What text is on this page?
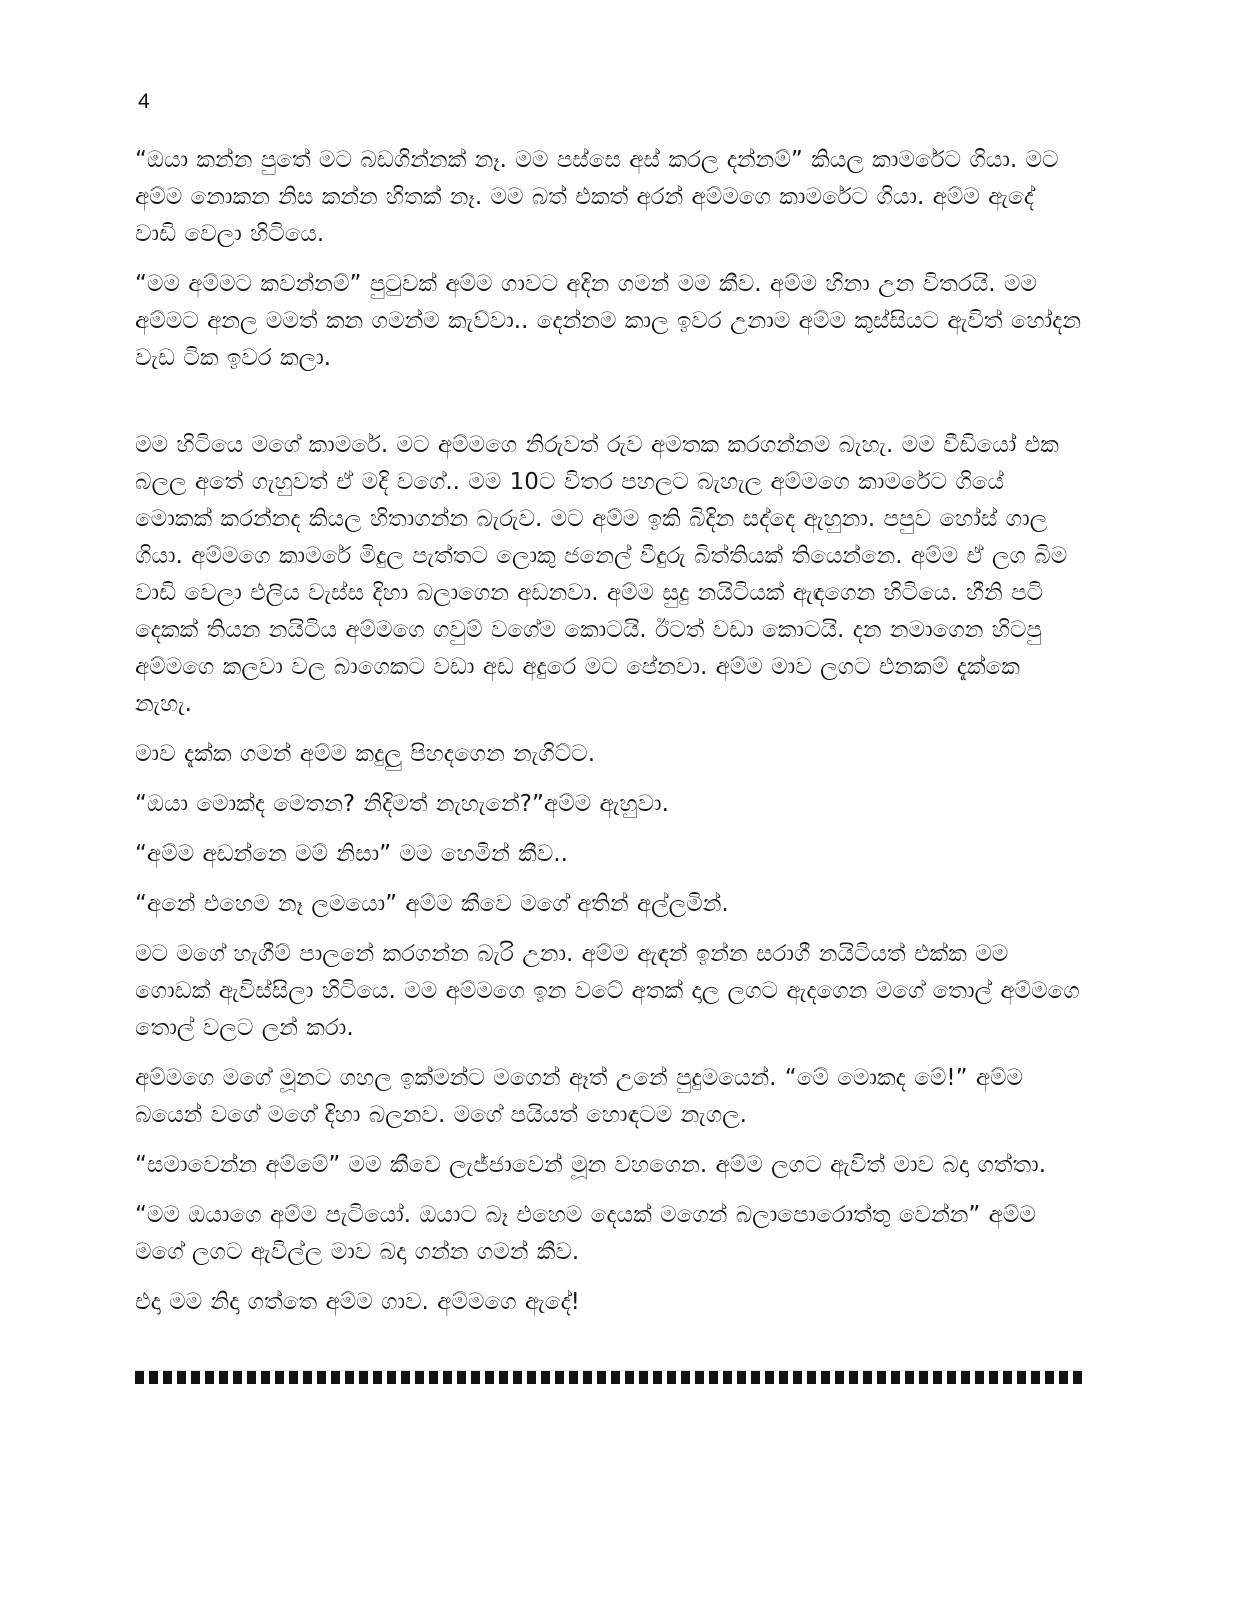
4

“ඔයා කන්න පුතේ මට බඩගින්නක් නෑ. මම පස්සෙ අස් කරල දන්නම්” කියල කාමරේට ගියා. මට අම්ම නොකන නිස කන්න හිතක් නෑ. මම බත් එකත් අරන් අම්මගෙ කාමරේට ගියා. අම්ම ඇදේ වාඩි වෙලා හිටියෙ.

“මම අම්මට කවන්නම්” පුටුවක් අම්ම ගාවට අදින ගමන් මම කීව. අම්ම හිනා උන විතරයි. මම අම්මට අනල මමත් කන ගමන්ම කැව්වා.. දෙන්නම කාල ඉවර උනාම අම්ම කුස්සියට ඇවිත් හෝදන වැඩ ටික ඉවර කලා.

මම හිටියෙ මගේ කාමරේ. මට අම්මගෙ නිරුවත් රුව අමතක කරගන්නම බැහැ. මම වීඩියෝ එක බලල අතේ ගැහුවත් ඒ මදි වගේ.. මම 10ට විතර පහලට බැහැල අම්මගෙ කාමරේට ගියේ මොකක් කරන්නද කියල හිතාගන්න බැරුව. මට අම්ම ඉකි බිදින සද්දෙ ඇහුනා. පපුව හෝස් ගාල ගියා. අම්මගෙ කාමරේ මිදුල පැත්තට ලොකු ජනෙල් වීදුරු බිත්තියක් තියෙන්නෙ. අම්ම ඒ ලග බිම වාඩි වෙලා එලිය වැස්ස දිහා බලාගෙන අඩනවා. අම්ම සුදු නයිටියක් ඇඳගෙන හිටියෙ. හීනි පටි දෙකක් තියන නයිටිය අම්මගෙ ගවුම් වගේම කොටයි. ඊටත් වඩා කොටයි. දන නමාගෙන හිටපු අම්මගෙ කලවා වල බාගෙකට වඩා අඩ අදුරෙ මට පේනවා. අම්ම මාව ලගට එනකම් දැක්කෙ නැහැ.

මාව දැක්ක ගමන් අම්ම කදුලු පිහදගෙන නැගිට්ට.

“ඔයා මොක්ද මෙතන? නිදිමත් නැහැනේ?”අම්ම ඇහුවා.

“අම්ම අඩන්නෙ මම් නිසා” මම හෙමින් කීව..

“අනේ එහෙම නෑ ලමයො” අම්ම කීවෙ මගේ අතින් අල්ලමින්.

මට මගේ හැගීම් පාලනේ කරගන්න බැරි උනා. අම්ම ඇඳන් ඉන්න සරාගී නයිටියත් එක්ක මම ගොඩක් ඇවිස්සිලා හිටියෙ. මම අම්මගෙ ඉන වටේ අතක් දාල ලගට ඇදගෙන මගේ තොල් අම්මගෙ තොල් වලට ලන් කරා.

අම්මගෙ මගේ මූනට ගහල ඉක්මන්ට මගෙන් ඈත් උනේ පුදුමයෙන්. “මේ මොකද මේ!” අම්ම බයෙන් වගේ මගේ දිහා බලනව. මගේ පයියත් හොඳටම නැගල.

“සමාවෙන්න අම්මේ” මම කීවෙ ලැජ්ජාවෙන් මූන වහගෙන. අම්ම ලගට ඇවිත් මාව බදා ගත්තා.

“මම ඔයාගෙ අම්ම පැටියෝ. ඔයාට බෑ එහෙම දෙයක් මගෙන් බලාපොරොත්තු වෙන්න” අම්ම මගේ ලගට ඇවිල්ල මාව බදා ගන්න ගමන් කීව.

එදා මම නිදා ගත්තෙ අම්ම ගාව. අම්මගෙ ඇදේ!
